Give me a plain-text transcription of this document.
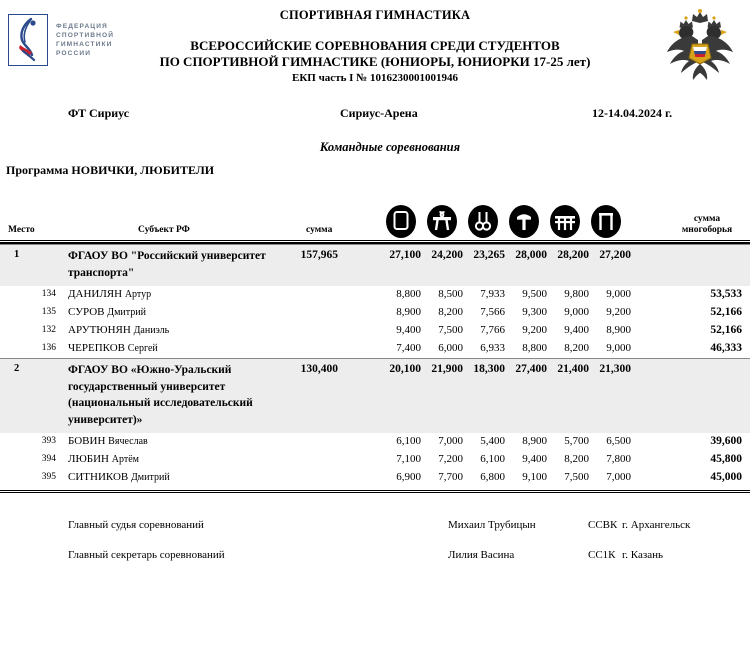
ФЕДЕРАЦИЯ СПОРТИВНОЙ ГИМНАСТИКИ РОССИИ
СПОРТИВНАЯ ГИМНАСТИКА
ВСЕРОССИЙСКИЕ СОРЕВНОВАНИЯ СРЕДИ СТУДЕНТОВ
ПО СПОРТИВНОЙ ГИМНАСТИКЕ (ЮНИОРЫ, ЮНИОРКИ 17-25 лет)
ЕКП часть I № 1016230001001946
ФТ Сириус	Сириус-Арена	12-14.04.2024 г.
Командные соревнования
Программа НОВИЧКИ, ЛЮБИТЕЛИ
Место	Субъект РФ	сумма
сумма
многоборья
1	ФГАОУ ВО "Российский университет транспорта"
157,965	27,100 24,200 23,265 28,000 28,200 27,200
134 ДАНИЛЯН Артур	8,800	8,500	7,933	9,500	9,800	9,000	53,533
135 СУРОВ Дмитрий	8,900	8,200	7,566	9,300	9,000	9,200	52,166
132 АРУТЮНЯН Даниэль	9,400	7,500	7,766	9,200	9,400	8,900	52,166
136 ЧЕРЕПКОВ Сергей	7,400	6,000	6,933	8,800	8,200	9,000	46,333
2	ФГАОУ ВО «Южно-Уральский государственный университет (национальный исследовательский университет)»
130,400	20,100 21,900 18,300 27,400 21,400 21,300
393 БОВИН Вячеслав	6,100	7,000	5,400	8,900	5,700	6,500	39,600
394 ЛЮБИН Артём	7,100	7,200	6,100	9,400	8,200	7,800	45,800
395 СИТНИКОВ Дмитрий	6,900	7,700	6,800	9,100	7,500	7,000	45,000
Главный судья соревнований	Михаил Трубицын	ССВК г. Архангельск
Главный секретарь соревнований	Лилия Васина	СС1К г. Казань
